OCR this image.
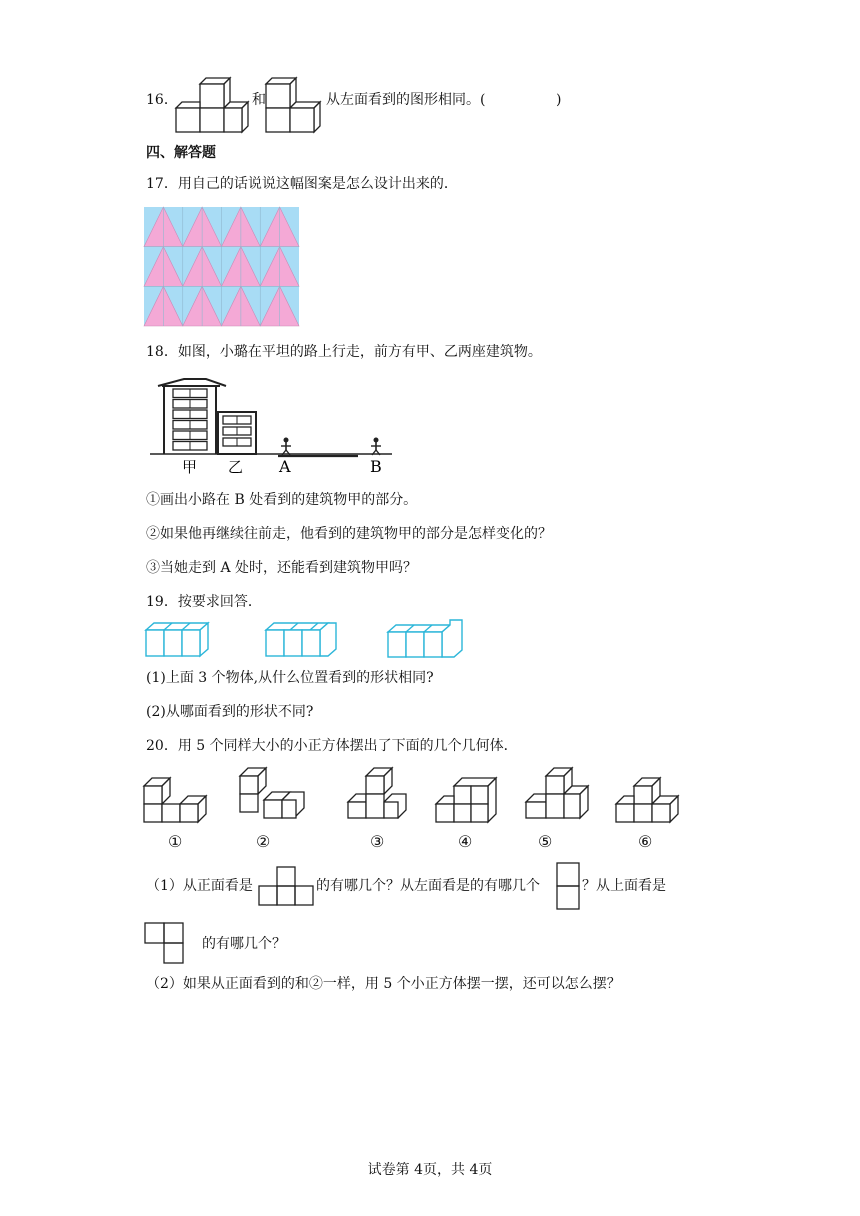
16．	和	从左面看到的图形相同。(	)
四、解答题
17．用自己的话说说这幅图案是怎么设计出来的．
18．如图，小璐在平坦的路上行走，前方有甲、乙两座建筑物。
甲 乙 A	B
①画出小路在 B 处看到的建筑物甲的部分。
②如果他再继续往前走，他看到的建筑物甲的部分是怎样变化的？
③当她走到 A 处时，还能看到建筑物甲吗？
19．按要求回答．
(1)上面 3 个物体,从什么位置看到的形状相同?
(2)从哪面看到的形状不同?
20．用 5 个同样大小的小正方体摆出了下面的几个几何体．
①	②	③	④	⑤	⑥
（1）从正面看是	的有哪几个？从左面看是的有哪几个	？从上面看是
的有哪几个？
（2）如果从正面看到的和②一样，用 5 个小正方体摆一摆，还可以怎么摆？
试卷第 4页，共 4页
